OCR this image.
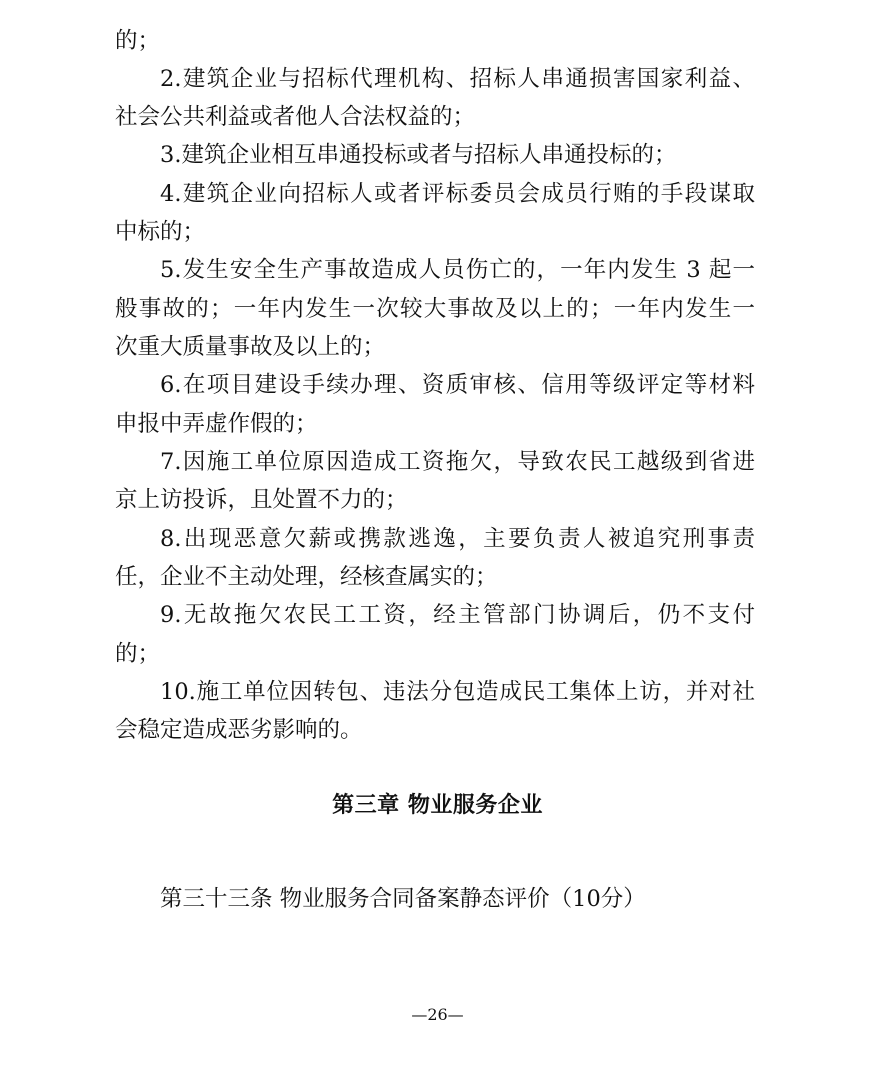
的；
2.建筑企业与招标代理机构、招标人串通损害国家利益、
社会公共利益或者他人合法权益的；
3.建筑企业相互串通投标或者与招标人串通投标的；
4.建筑企业向招标人或者评标委员会成员行贿的手段谋取
中标的；
5.发生安全生产事故造成人员伤亡的，一年内发生 3 起一
般事故的；一年内发生一次较大事故及以上的；一年内发生一
次重大质量事故及以上的；
6.在项目建设手续办理、资质审核、信用等级评定等材料
申报中弄虚作假的；
7.因施工单位原因造成工资拖欠，导致农民工越级到省进
京上访投诉，且处置不力的；
8.出现恶意欠薪或携款逃逸，主要负责人被追究刑事责
任，企业不主动处理，经核查属实的；
9.无故拖欠农民工工资，经主管部门协调后，仍不支付
的；
10.施工单位因转包、违法分包造成民工集体上访，并对社
会稳定造成恶劣影响的。
第三章 物业服务企业
第三十三条 物业服务合同备案静态评价（10分）
—26—
